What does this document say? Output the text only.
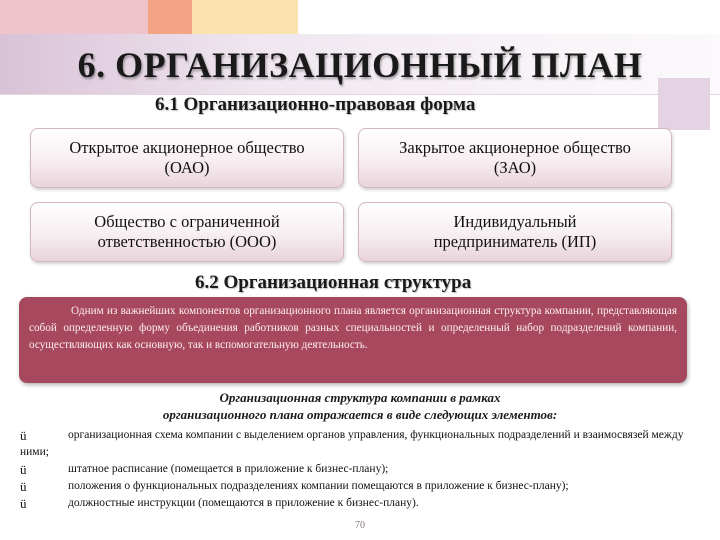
6. ОРГАНИЗАЦИОННЫЙ ПЛАН
6.1 Организационно-правовая форма
Открытое акционерное общество
(ОАО)
Закрытое акционерное общество
(ЗАО)
Общество с ограниченной
ответственностью (ООО)
Индивидуальный
предприниматель (ИП)
6.2 Организационная структура

Одним из важнейших компонентов организационного плана является организационная структура компании, представляющая собой определенную форму объединения работников разных специальностей и определенный набор подразделений компании, осуществляющих как основную, так и вспомогательную деятельность.

Организационная структура компании в рамках
организационного плана отражается в виде следующих элементов:
ü	организационная схема компании с выделением органов управления, функциональных подразделений и взаимосвязей между ними;
ü	штатное расписание (помещается в приложение к бизнес-плану);
ü	положения о функциональных подразделениях компании помещаются в приложение к бизнес-плану);
ü	должностные инструкции (помещаются в приложение к бизнес-плану).
70
